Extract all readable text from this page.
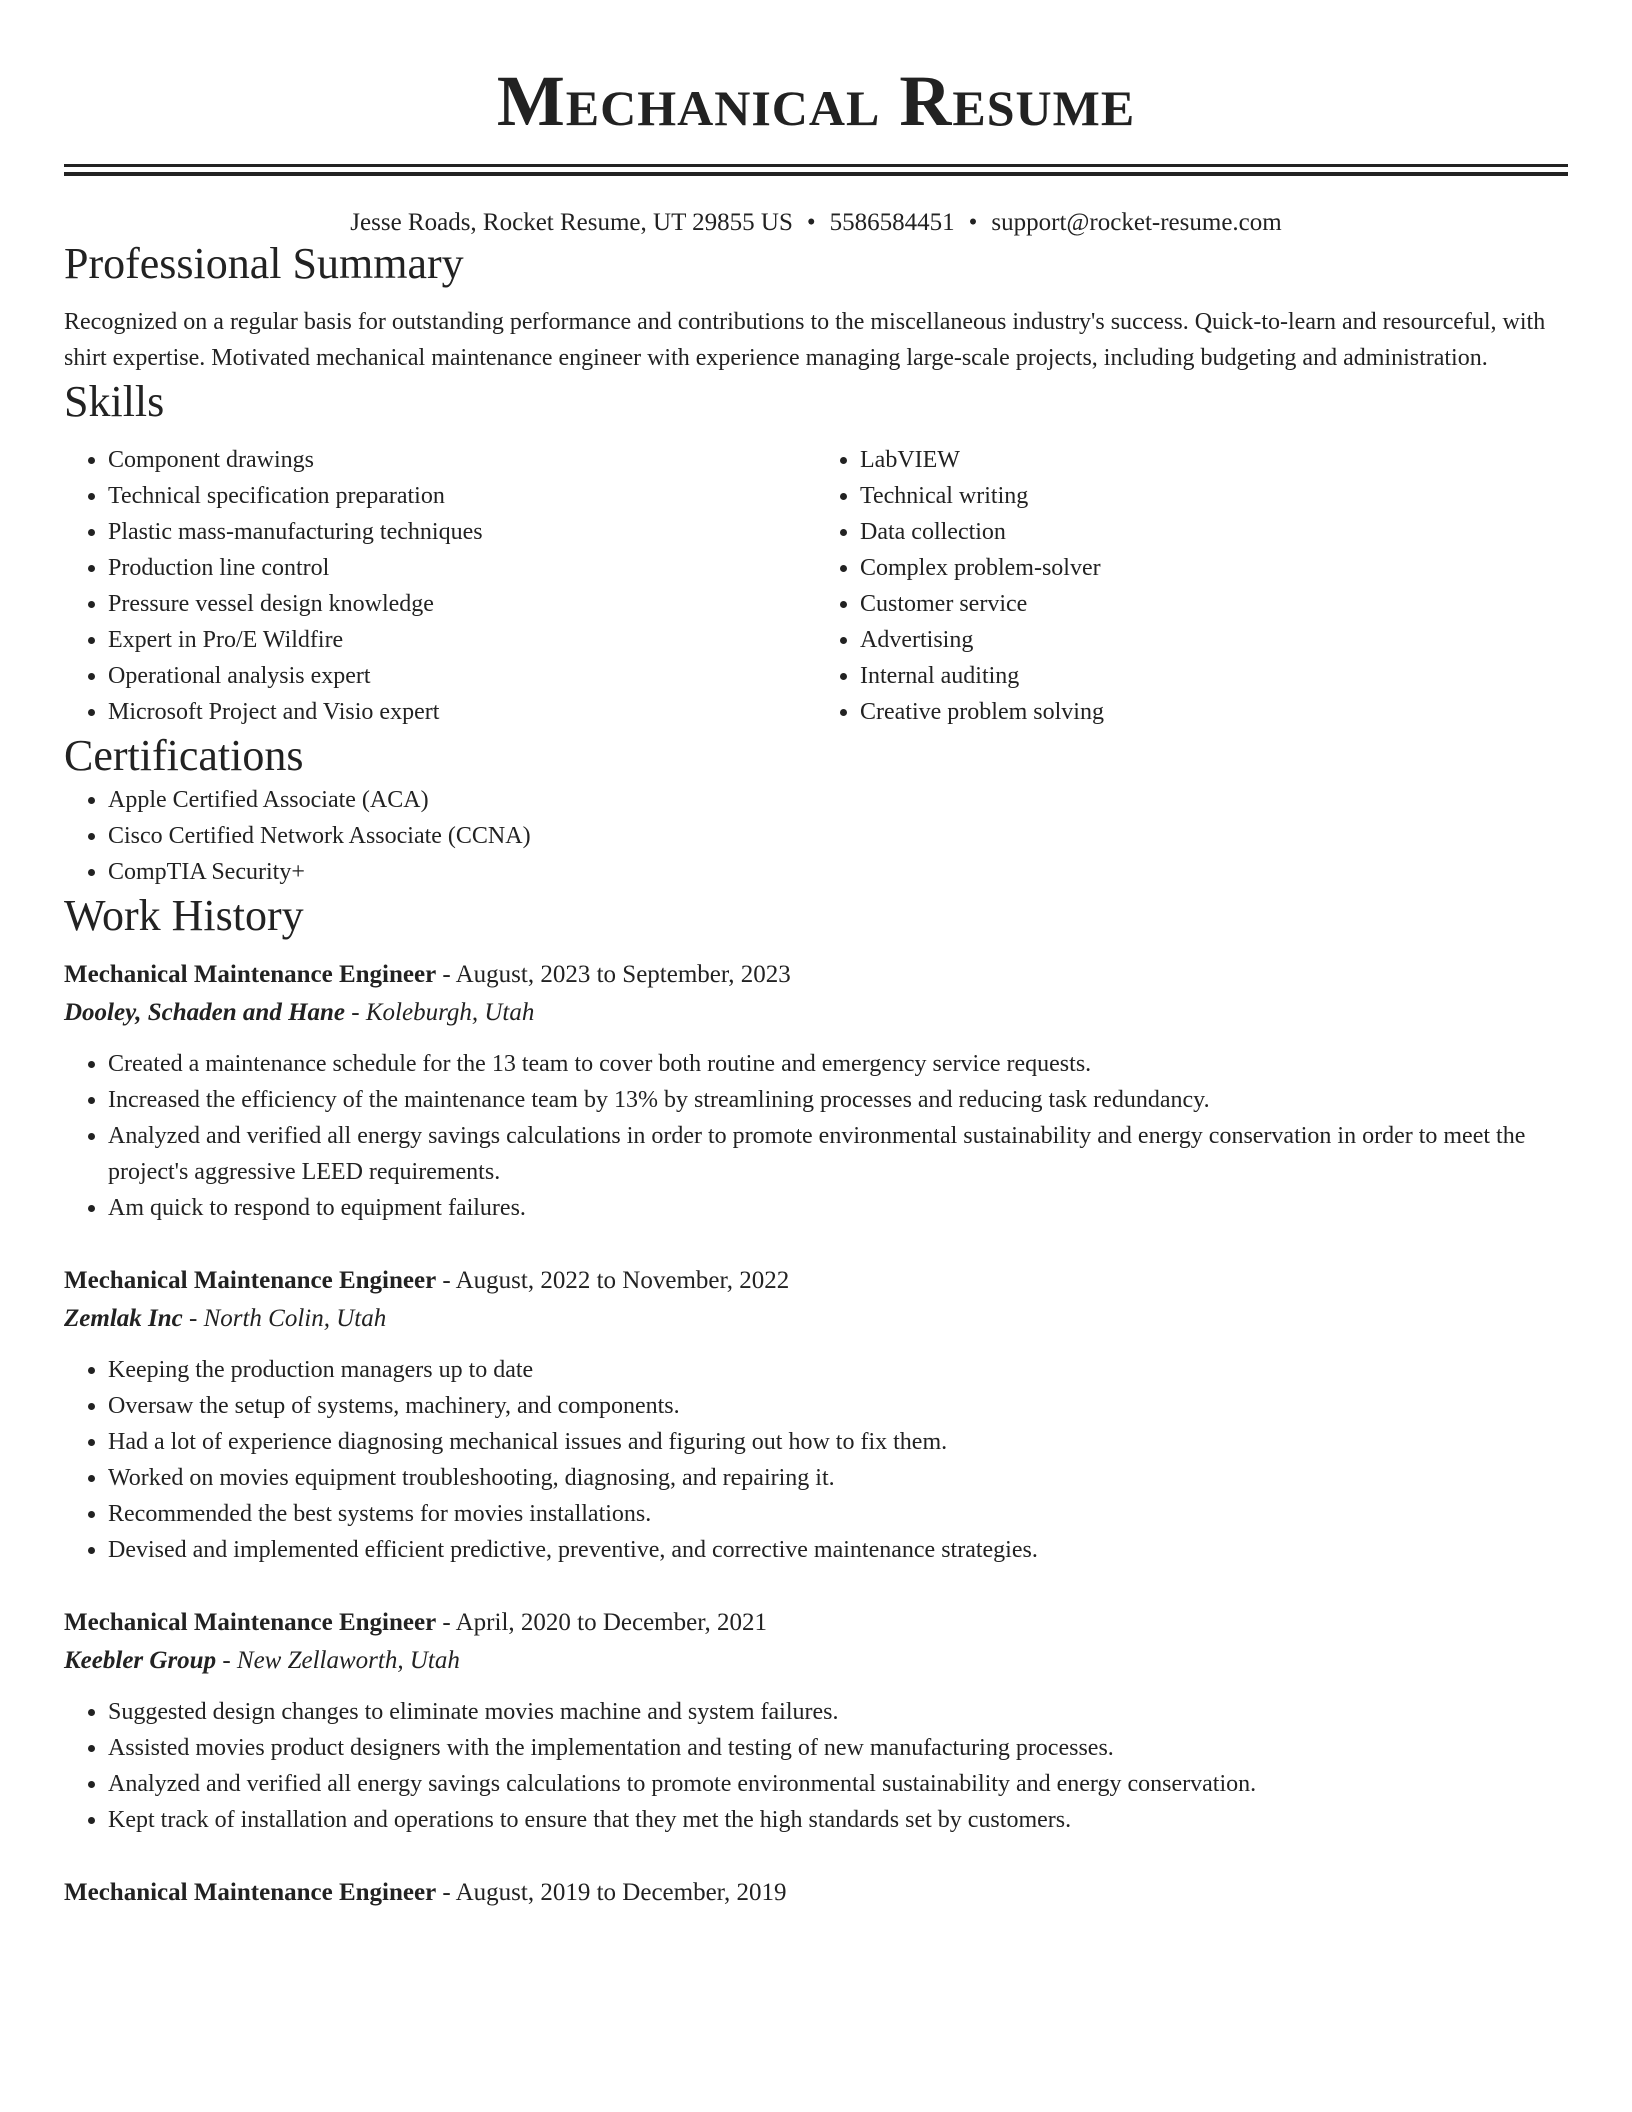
Mechanical Resume
Jesse Roads, Rocket Resume, UT 29855 US • 5586584451 • support@rocket-resume.com
Professional Summary

Recognized on a regular basis for outstanding performance and contributions to the miscellaneous industry's success. Quick-to-learn and resourceful, with shirt expertise. Motivated mechanical maintenance engineer with experience managing large-scale projects, including budgeting and administration.

Skills
• Component drawings
• Technical specification preparation
• Plastic mass-manufacturing techniques
• Production line control
• Pressure vessel design knowledge
• Expert in Pro/E Wildfire
• Operational analysis expert
• Microsoft Project and Visio expert
• LabVIEW
• Technical writing
• Data collection
• Complex problem-solver
• Customer service
• Advertising
• Internal auditing
• Creative problem solving
Certifications
• Apple Certified Associate (ACA)
• Cisco Certified Network Associate (CCNA)
• CompTIA Security+
Work History
Mechanical Maintenance Engineer - August, 2023 to September, 2023
Dooley, Schaden and Hane - Koleburgh, Utah
• Created a maintenance schedule for the 13 team to cover both routine and emergency service requests.
• Increased the efficiency of the maintenance team by 13% by streamlining processes and reducing task redundancy.
• Analyzed and verified all energy savings calculations in order to promote environmental sustainability and energy conservation in order to meet the project's aggressive LEED requirements.
• Am quick to respond to equipment failures.
Mechanical Maintenance Engineer - August, 2022 to November, 2022
Zemlak Inc - North Colin, Utah
• Keeping the production managers up to date
• Oversaw the setup of systems, machinery, and components.
• Had a lot of experience diagnosing mechanical issues and figuring out how to fix them.
• Worked on movies equipment troubleshooting, diagnosing, and repairing it.
• Recommended the best systems for movies installations.
• Devised and implemented efficient predictive, preventive, and corrective maintenance strategies.
Mechanical Maintenance Engineer - April, 2020 to December, 2021
Keebler Group - New Zellaworth, Utah
• Suggested design changes to eliminate movies machine and system failures.
• Assisted movies product designers with the implementation and testing of new manufacturing processes.
• Analyzed and verified all energy savings calculations to promote environmental sustainability and energy conservation.
• Kept track of installation and operations to ensure that they met the high standards set by customers.
Mechanical Maintenance Engineer - August, 2019 to December, 2019
